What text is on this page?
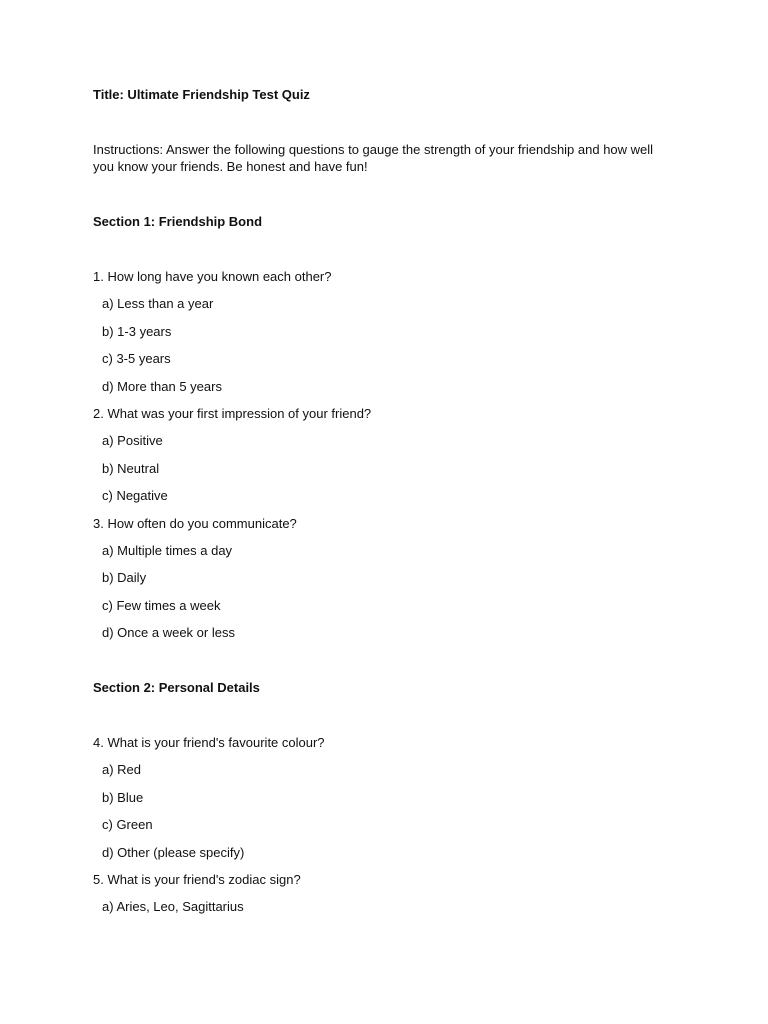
Title: Ultimate Friendship Test Quiz
Instructions: Answer the following questions to gauge the strength of your friendship and how well you know your friends. Be honest and have fun!
Section 1: Friendship Bond
1. How long have you known each other?
a) Less than a year
b) 1-3 years
c) 3-5 years
d) More than 5 years
2. What was your first impression of your friend?
a) Positive
b) Neutral
c) Negative
3. How often do you communicate?
a) Multiple times a day
b) Daily
c) Few times a week
d) Once a week or less
Section 2: Personal Details
4. What is your friend's favourite colour?
a) Red
b) Blue
c) Green
d) Other (please specify)
5. What is your friend's zodiac sign?
a) Aries, Leo, Sagittarius
